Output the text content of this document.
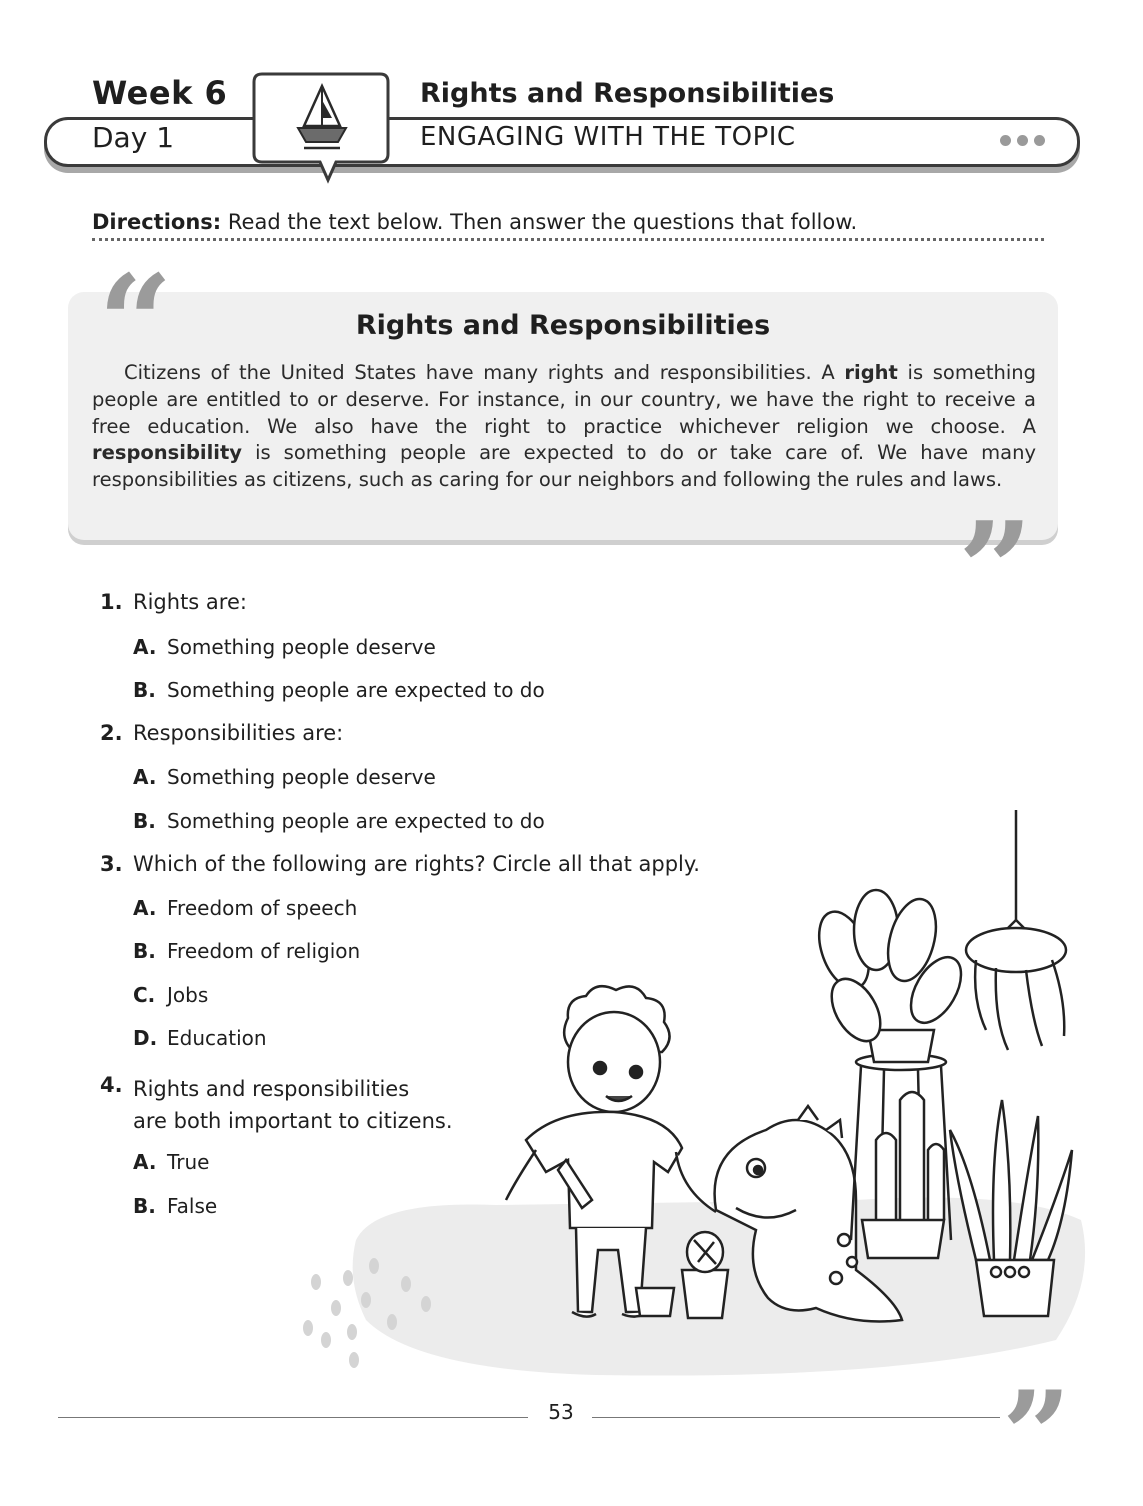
Week 6
Day 1
Rights and Responsibilities
ENGAGING WITH THE TOPIC
Directions: Read the text below. Then answer the questions that follow.
“	Rights and Responsibilities
Citizens of the United States have many rights and responsibilities. A right is something people are entitled to or deserve. For instance, in our country, we have the right to receive a free education. We also have the right to practice whichever religion we choose. A responsibility is something people are expected to do or take care of. We have many responsibilities as citizens, such as caring for our neighbors and following the rules and laws.
”
1. Rights are:
A. Something people deserve
B. Something people are expected to do
2. Responsibilities are:
A. Something people deserve
B. Something people are expected to do
3. Which of the following are rights? Circle all that apply.
A. Freedom of speech
B. Freedom of religion
C. Jobs
D. Education
4. Rights and responsibilities
are both important to citizens.
A. True
B. False
53	”
